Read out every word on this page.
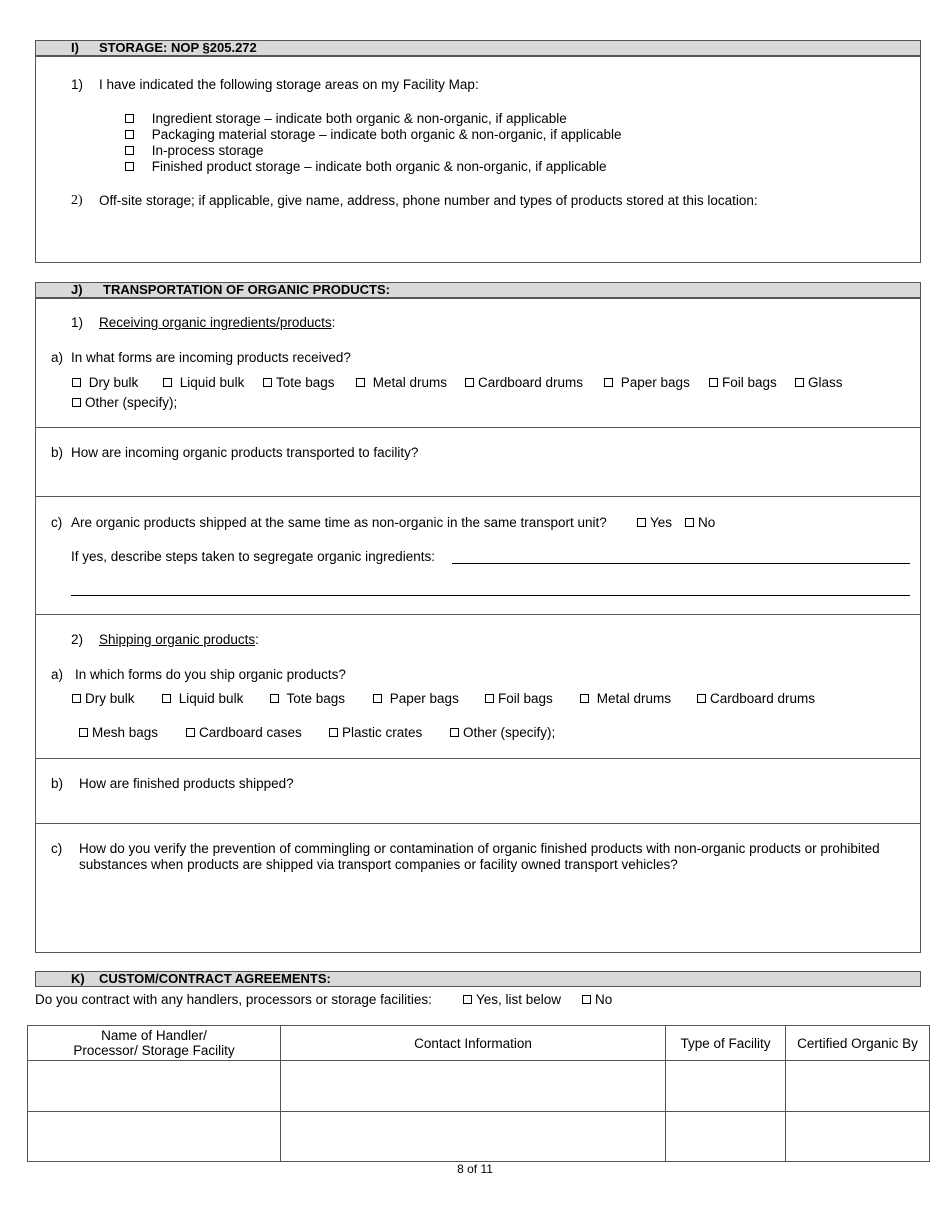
I) STORAGE: NOP §205.272
1) I have indicated the following storage areas on my Facility Map:
Ingredient storage – indicate both organic & non-organic, if applicable
Packaging material storage – indicate both organic & non-organic, if applicable
In-process storage
Finished product storage – indicate both organic & non-organic, if applicable
2) Off-site storage; if applicable, give name, address, phone number and types of products stored at this location:
J) TRANSPORTATION OF ORGANIC PRODUCTS:
1) Receiving organic ingredients/products:
a) In what forms are incoming products received?
Dry bulk	Liquid bulk	Tote bags	Metal drums	Cardboard drums	Paper bags	Foil bags	Glass
Other (specify);
b) How are incoming organic products transported to facility?
c) Are organic products shipped at the same time as non-organic in the same transport unit?	Yes	No
If yes, describe steps taken to segregate organic ingredients:
2) Shipping organic products:
a) In which forms do you ship organic products?
Dry bulk	Liquid bulk	Tote bags	Paper bags	Foil bags	Metal drums	Cardboard drums
Mesh bags	Cardboard cases	Plastic crates	Other (specify);
b) How are finished products shipped?
c) How do you verify the prevention of commingling or contamination of organic finished products with non-organic products or prohibited
substances when products are shipped via transport companies or facility owned transport vehicles?
K) CUSTOM/CONTRACT AGREEMENTS:
Do you contract with any handlers, processors or storage facilities:	Yes, list below	No
Name of Handler/
Processor/ Storage Facility	Contact Information	Type of Facility	Certified Organic By

8 of 11
